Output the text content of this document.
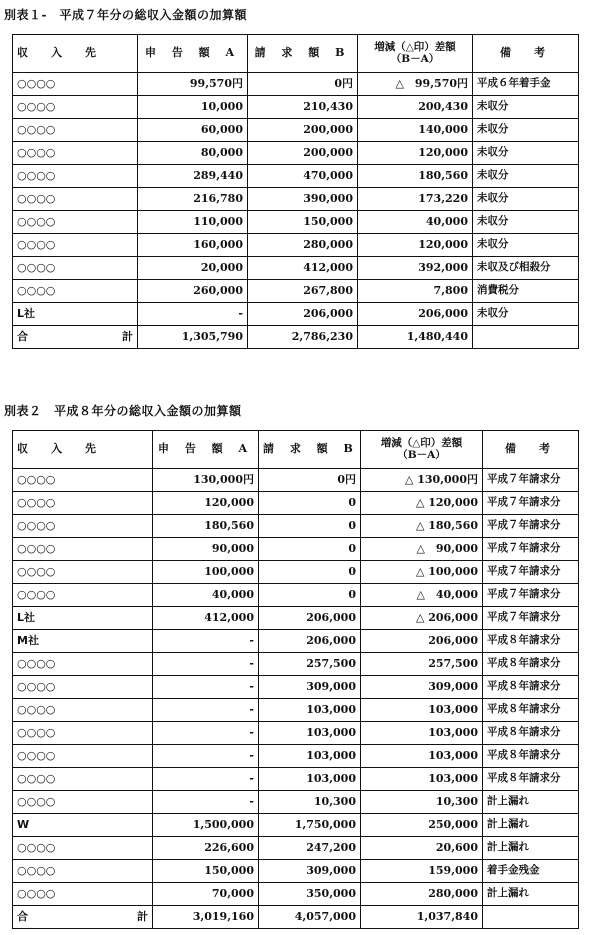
別表１‐　平成７年分の総収入金額の加算額
収　入　先	申 告 額 A	請 求 額 B	増減（△印）差額
（B－A）	備　考
○○○○	99,570円	0円	△　99,570円	平成６年着手金
○○○○	10,000	210,430	200,430	未収分
○○○○	60,000	200,000	140,000	未収分
○○○○	80,000	200,000	120,000	未収分
○○○○	289,440	470,000	180,560	未収分
○○○○	216,780	390,000	173,220	未収分
○○○○	110,000	150,000	40,000	未収分
○○○○	160,000	280,000	120,000	未収分
○○○○	20,000	412,000	392,000	未収及び相殺分
○○○○	260,000	267,800	7,800	消費税分
L社	-	206,000	206,000	未収分
合　計	1,305,790	2,786,230	1,480,440	
別表２　平成８年分の総収入金額の加算額
収　入　先	申 告 額 A	請 求 額 B	増減（△印）差額
（B－A）	備　考
○○○○	130,000円	0円	△ 130,000円	平成７年請求分
○○○○	120,000	0	△ 120,000	平成７年請求分
○○○○	180,560	0	△ 180,560	平成７年請求分
○○○○	90,000	0	△　90,000	平成７年請求分
○○○○	100,000	0	△ 100,000	平成７年請求分
○○○○	40,000	0	△　40,000	平成７年請求分
L社	412,000	206,000	△ 206,000	平成７年請求分
M社	-	206,000	206,000	平成８年請求分
○○○○	-	257,500	257,500	平成８年請求分
○○○○	-	309,000	309,000	平成８年請求分
○○○○	-	103,000	103,000	平成８年請求分
○○○○	-	103,000	103,000	平成８年請求分
○○○○	-	103,000	103,000	平成８年請求分
○○○○	-	103,000	103,000	平成８年請求分
○○○○	-	10,300	10,300	計上漏れ
W	1,500,000	1,750,000	250,000	計上漏れ
○○○○	226,600	247,200	20,600	計上漏れ
○○○○	150,000	309,000	159,000	着手金残金
○○○○	70,000	350,000	280,000	計上漏れ
合　計	3,019,160	4,057,000	1,037,840	
